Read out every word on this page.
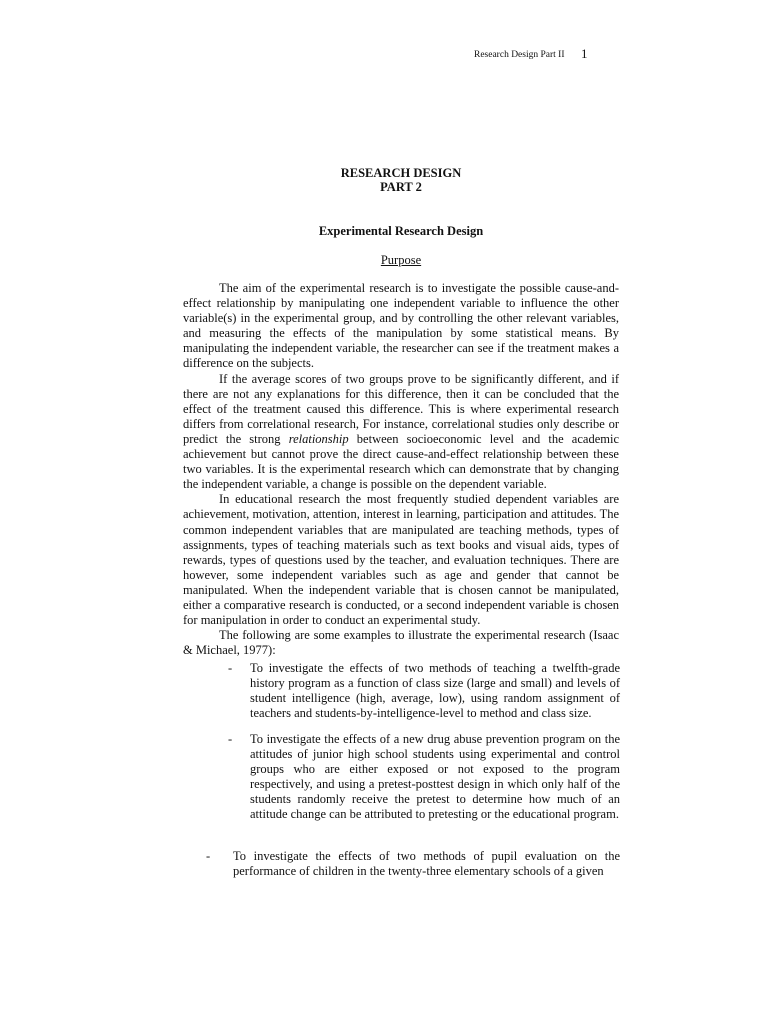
Research Design Part II 1
RESEARCH DESIGN
PART 2
Experimental Research Design
Purpose

The aim of the experimental research is to investigate the possible cause-and-effect relationship by manipulating one independent variable to influence the other variable(s) in the experimental group, and by controlling the other relevant variables, and measuring the effects of the manipulation by some statistical means. By manipulating the independent variable, the researcher can see if the treatment makes a difference on the subjects.

If the average scores of two groups prove to be significantly different, and if there are not any explanations for this difference, then it can be concluded that the effect of the treatment caused this difference. This is where experimental research differs from correlational research, For instance, correlational studies only describe or predict the strong relationship between socioeconomic level and the academic achievement but cannot prove the direct cause-and-effect relationship between these two variables. It is the experimental research which can demonstrate that by changing the independent variable, a change is possible on the dependent variable.

In educational research the most frequently studied dependent variables are achievement, motivation, attention, interest in learning, participation and attitudes. The common independent variables that are manipulated are teaching methods, types of assignments, types of teaching materials such as text books and visual aids, types of rewards, types of questions used by the teacher, and evaluation techniques. There are however, some independent variables such as age and gender that cannot be manipulated. When the independent variable that is chosen cannot be manipulated, either a comparative research is conducted, or a second independent variable is chosen for manipulation in order to conduct an experimental study.

The following are some examples to illustrate the experimental research (Isaac & Michael, 1977):

- To investigate the effects of two methods of teaching a twelfth-grade history program as a function of class size (large and small) and levels of student intelligence (high, average, low), using random assignment of teachers and students-by-intelligence-level to method and class size.
- To investigate the effects of a new drug abuse prevention program on the attitudes of junior high school students using experimental and control groups who are either exposed or not exposed to the program respectively, and using a pretest-posttest design in which only half of the students randomly receive the pretest to determine how much of an attitude change can be attributed to pretesting or the educational program.
- To investigate the effects of two methods of pupil evaluation on the performance of children in the twenty-three elementary schools of a given
